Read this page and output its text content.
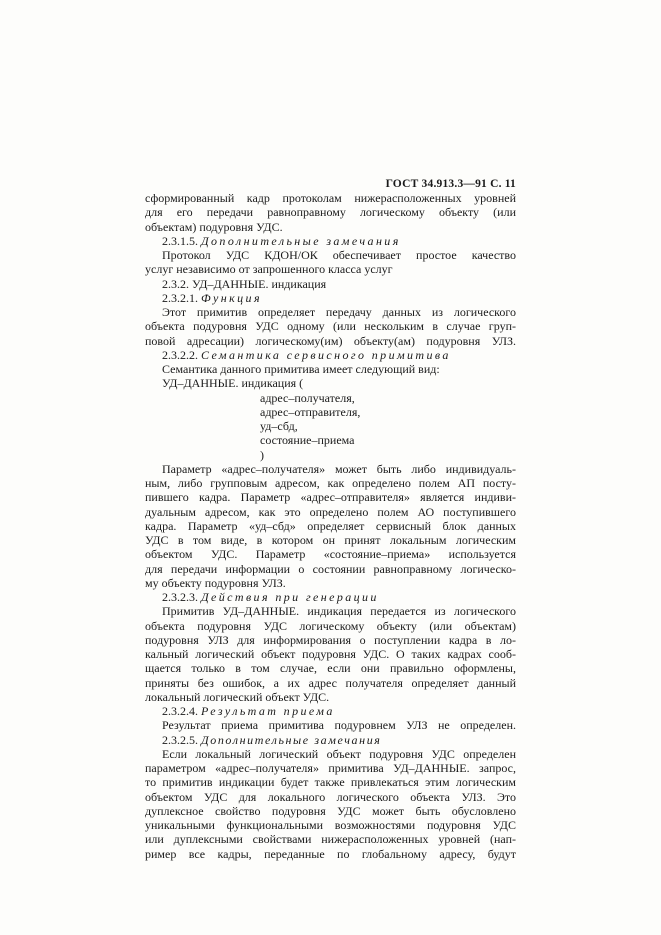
ГОСТ 34.913.3—91 С. 11
сформированный кадр протоколам нижерасположенных уровней
для его передачи равноправному логическому объекту (или
объектам) подуровня УДС.
2.3.1.5. Дополнительные замечания
Протокол УДС КДОН/ОК обеспечивает простое качество
услуг независимо от запрошенного класса услуг
2.3.2. УД–ДАННЫЕ. индикация
2.3.2.1. Функция
Этот примитив определяет передачу данных из логического
объекта подуровня УДС одному (или нескольким в случае груп-
повой адресации) логическому(им) объекту(ам) подуровня УЛЗ.
2.3.2.2. Семантика сервисного примитива
Семантика данного примитива имеет следующий вид:
УД–ДАННЫЕ. индикация (
адрес–получателя,
адрес–отправителя,
уд–сбд,
состояние–приема
)
Параметр «адрес–получателя» может быть либо индивидуаль-
ным, либо групповым адресом, как определено полем АП посту-
пившего кадра. Параметр «адрес–отправителя» является индиви-
дуальным адресом, как это определено полем АО поступившего
кадра. Параметр «уд–сбд» определяет сервисный блок данных
УДС в том виде, в котором он принят локальным логическим
объектом УДС. Параметр «состояние–приема» используется
для передачи информации о состоянии равноправному логическо-
му объекту подуровня УЛЗ.
2.3.2.3. Действия при генерации
Примитив УД–ДАННЫЕ. индикация передается из логического
объекта подуровня УДС логическому объекту (или объектам)
подуровня УЛЗ для информирования о поступлении кадра в ло-
кальный логический объект подуровня УДС. О таких кадрах сооб-
щается только в том случае, если они правильно оформлены,
приняты без ошибок, а их адрес получателя определяет данный
локальный логический объект УДС.
2.3.2.4. Результат приема
Результат приема примитива подуровнем УЛЗ не определен.
2.3.2.5. Дополнительные замечания
Если локальный логический объект подуровня УДС определен
параметром «адрес–получателя» примитива УД–ДАННЫЕ. запрос,
то примитив индикации будет также привлекаться этим логическим
объектом УДС для локального логического объекта УЛЗ. Это
дуплексное свойство подуровня УДС может быть обусловлено
уникальными функциональными возможностями подуровня УДС
или дуплексными свойствами нижерасположенных уровней (нап-
ример все кадры, переданные по глобальному адресу, будут
